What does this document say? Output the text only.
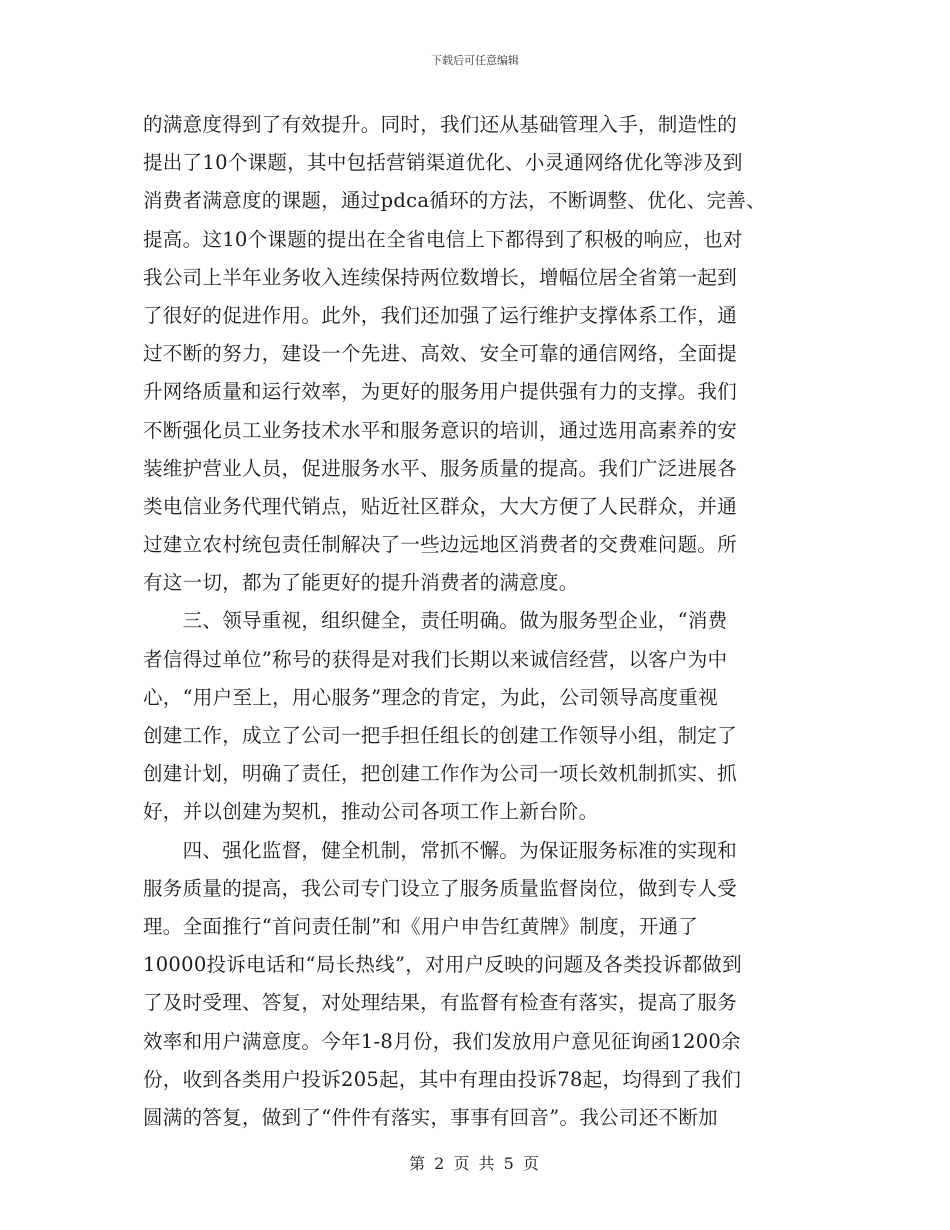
下载后可任意编辑
的满意度得到了有效提升。同时，我们还从基础管理入手，制造性的
提出了10个课题，其中包括营销渠道优化、小灵通网络优化等涉及到
消费者满意度的课题，通过pdca循环的方法，不断调整、优化、完善、
提高。这10个课题的提出在全省电信上下都得到了积极的响应，也对
我公司上半年业务收入连续保持两位数增长，增幅位居全省第一起到
了很好的促进作用。此外，我们还加强了运行维护支撑体系工作，通
过不断的努力，建设一个先进、高效、安全可靠的通信网络，全面提
升网络质量和运行效率，为更好的服务用户提供强有力的支撑。我们
不断强化员工业务技术水平和服务意识的培训，通过选用高素养的安
装维护营业人员，促进服务水平、服务质量的提高。我们广泛进展各
类电信业务代理代销点，贴近社区群众，大大方便了人民群众，并通
过建立农村统包责任制解决了一些边远地区消费者的交费难问题。所
有这一切，都为了能更好的提升消费者的满意度。
　　三、领导重视，组织健全，责任明确。做为服务型企业，“消费
者信得过单位”称号的获得是对我们长期以来诚信经营，以客户为中
心，“用户至上，用心服务”理念的肯定，为此，公司领导高度重视
创建工作，成立了公司一把手担任组长的创建工作领导小组，制定了
创建计划，明确了责任，把创建工作作为公司一项长效机制抓实、抓
好，并以创建为契机，推动公司各项工作上新台阶。
　　四、强化监督，健全机制，常抓不懈。为保证服务标准的实现和
服务质量的提高，我公司专门设立了服务质量监督岗位，做到专人受
理。全面推行“首问责任制”和《用户申告红黄牌》制度，开通了
10000投诉电话和“局长热线”，对用户反映的问题及各类投诉都做到
了及时受理、答复，对处理结果，有监督有检查有落实，提高了服务
效率和用户满意度。今年1-8月份，我们发放用户意见征询函1200余
份，收到各类用户投诉205起，其中有理由投诉78起，均得到了我们
圆满的答复，做到了“件件有落实，事事有回音”。我公司还不断加
第 2 页 共 5 页
